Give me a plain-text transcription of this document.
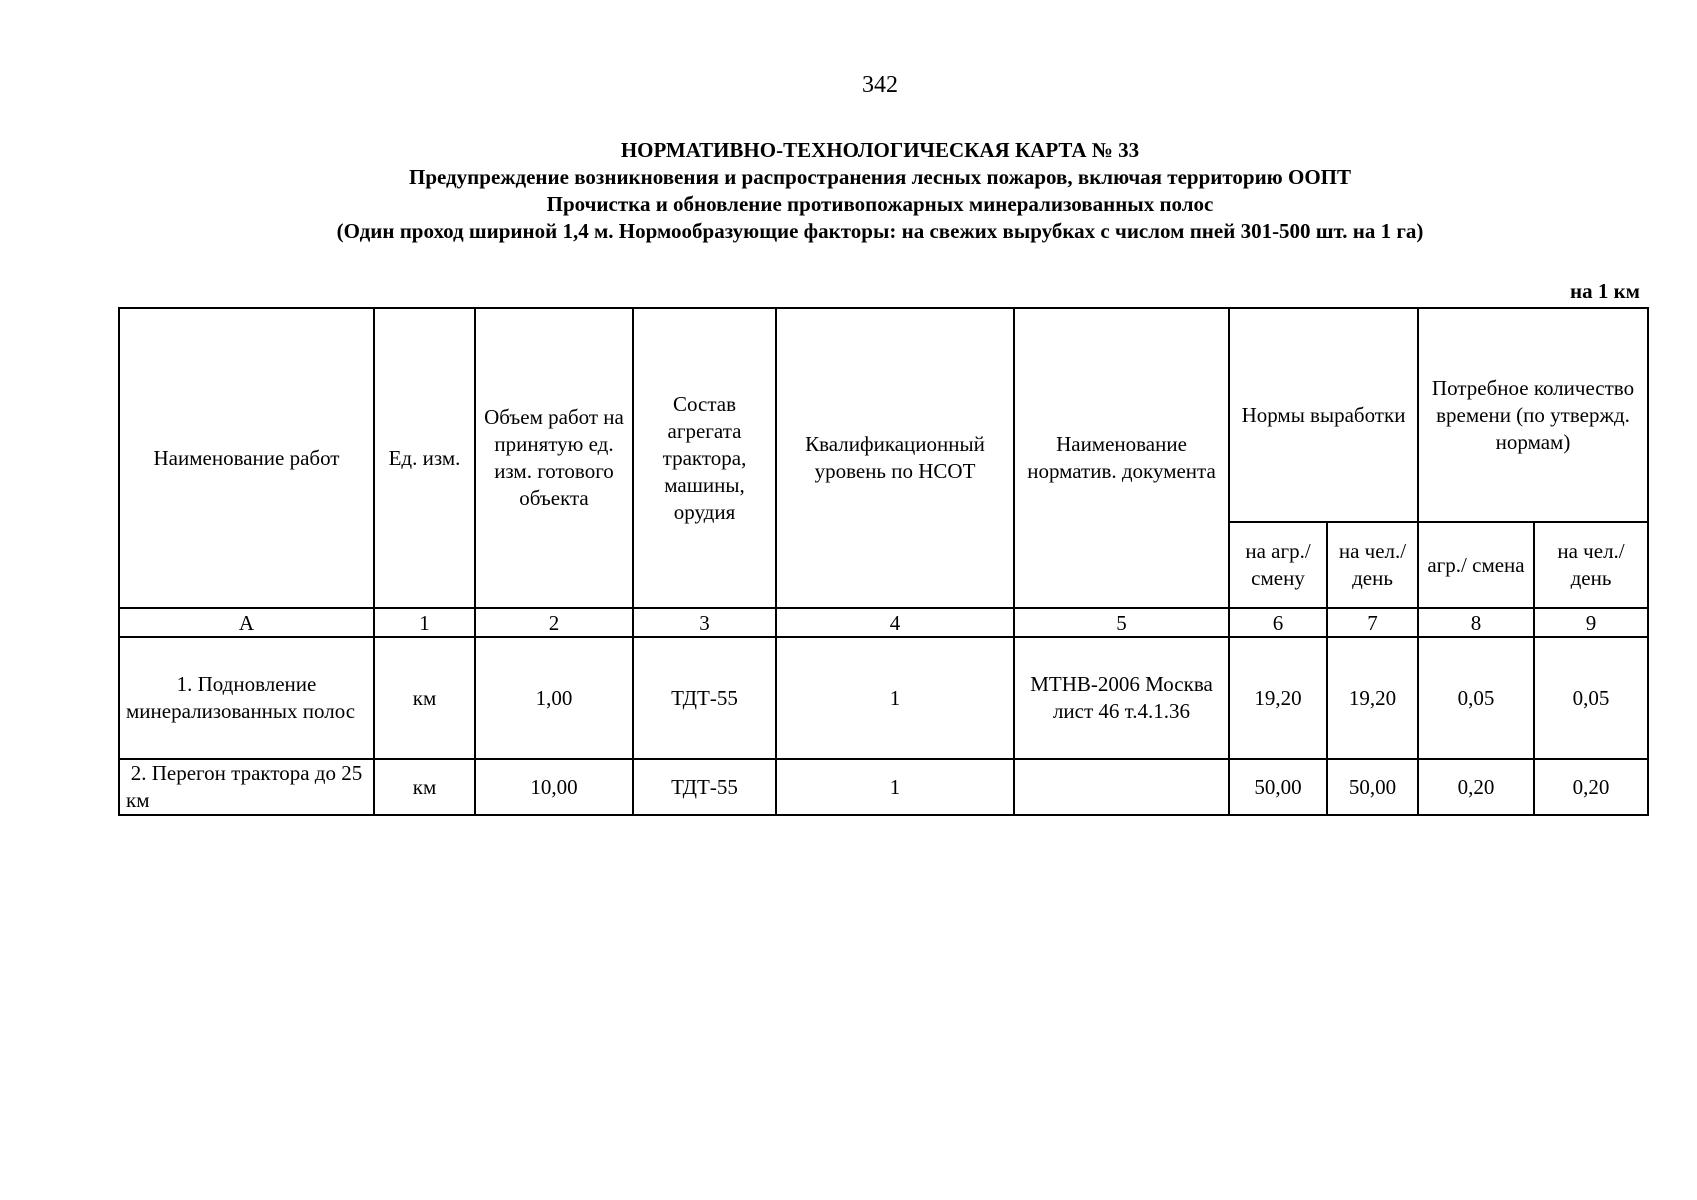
342
НОРМАТИВНО-ТЕХНОЛОГИЧЕСКАЯ КАРТА № 33
Предупреждение возникновения и распространения лесных пожаров, включая территорию ООПТ
Прочистка и обновление противопожарных минерализованных полос
(Один проход шириной 1,4 м. Нормообразующие факторы: на свежих вырубках с числом пней 301-500 шт. на 1 га)
на 1 км
Наименование работ	Ед. изм.	Объем работ на принятую ед. изм. готового объекта	Состав агрегата трактора, машины, орудия	Квалификационный уровень по НСОТ	Наименование норматив. документа	Нормы выработки		Потребное количество времени (по утвержд. нормам)	
						на агр./ смену	на чел./ день	агр./ смена	на чел./ день
А	1	2	3	4	5	6	7	8	9
1. Подновление минерализованных полос	км	1,00	ТДТ-55	1	МТНВ-2006 Москва лист 46 т.4.1.36	19,20	19,20	0,05	0,05
2. Перегон трактора до 25 км	км	10,00	ТДТ-55	1		50,00	50,00	0,20	0,20
